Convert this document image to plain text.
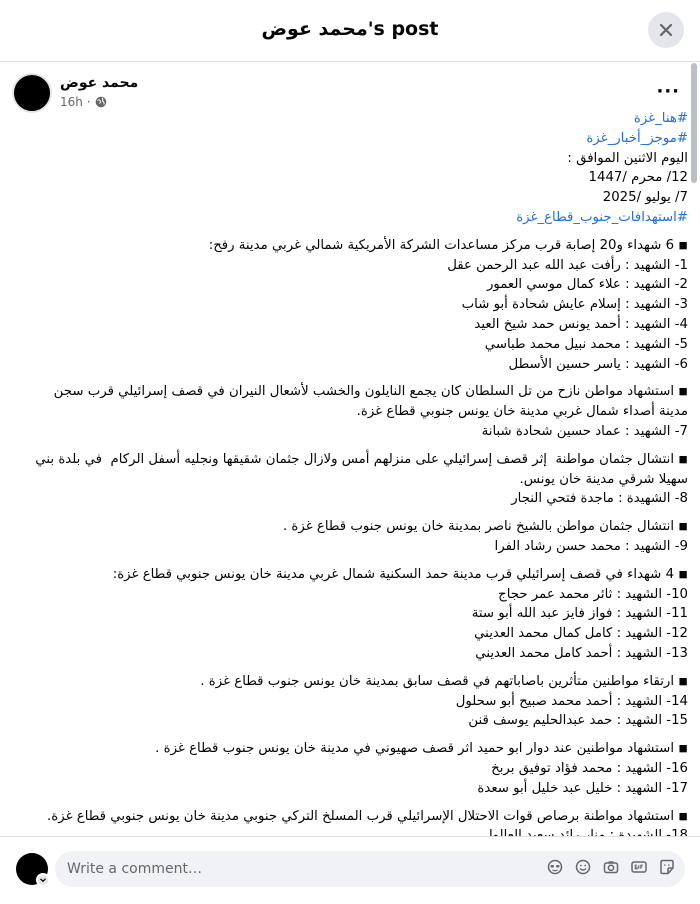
محمد عوض's post
محمد عوض
16h ·	···
#هنا_غزة
#موجز_أخبار_غزة
اليوم الاثنين الموافق :
12/ محرم /1447
7/ يوليو /2025
#استهدافات_جنوب_قطاع_غزة
◾ 6 شهداء و20 إصابة قرب مركز مساعدات الشركة الأمريكية شمالي غربي مدينة رفح:
1- الشهيد : رأفت عبد الله عبد الرحمن عقل
2- الشهيد : علاء كمال موسي العمور
3- الشهيد : إسلام عايش شحادة أبو شاب
4- الشهيد : أحمد يونس حمد شيخ العيد
5- الشهيد : محمد نبيل محمد طباسي
6- الشهيد : ياسر حسين الأسطل
◾ استشهاد مواطن نازح من تل السلطان كان يجمع النايلون والخشب لأشعال النيران في قصف إسرائيلي قرب سجن
مدينة أصداء شمال غربي مدينة خان يونس جنوبي قطاع غزة.
7- الشهيد : عماد حسين شحادة شبانة
◾ انتشال جثمان مواطنة  إثر قصف إسرائيلي على منزلهم أمس ولازال جثمان شقيقها ونجليه أسفل الركام  في بلدة بني
سهيلا شرقي مدينة خان يونس.
8- الشهيدة : ماجدة فتحي النجار
◾ انتشال جثمان مواطن بالشيخ ناصر بمدينة خان يونس جنوب قطاع غزة .
9- الشهيد : محمد حسن رشاد الفرا
◾ 4 شهداء في قصف إسرائيلي قرب مدينة حمد السكنية شمال غربي مدينة خان يونس جنوبي قطاع غزة:
10- الشهيد : ثائر محمد عمر حجاج
11- الشهيد : فواز فايز عبد الله أبو ستة
12- الشهيد : كامل كمال محمد العديني
13- الشهيد : أحمد كامل محمد العديني
◾ ارتقاء مواطنين متأثرين باصاباتهم في قصف سابق بمدينة خان يونس جنوب قطاع غزة .
14- الشهيد : أحمد محمد صبيح أبو سحلول
15- الشهيد : حمد عبدالحليم يوسف قنن
◾ استشهاد مواطنين عند دوار ابو حميد اثر قصف صهيوني في مدينة خان يونس جنوب قطاع غزة .
16- الشهيد : محمد فؤاد توفيق بربخ
17- الشهيد : خليل عبد خليل أبو سعدة
◾ استشهاد مواطنة برصاص قوات الاحتلال الإسرائيلي قرب المسلخ التركي جنوبي مدينة خان يونس جنوبي قطاع غزة.
Write a comment…
